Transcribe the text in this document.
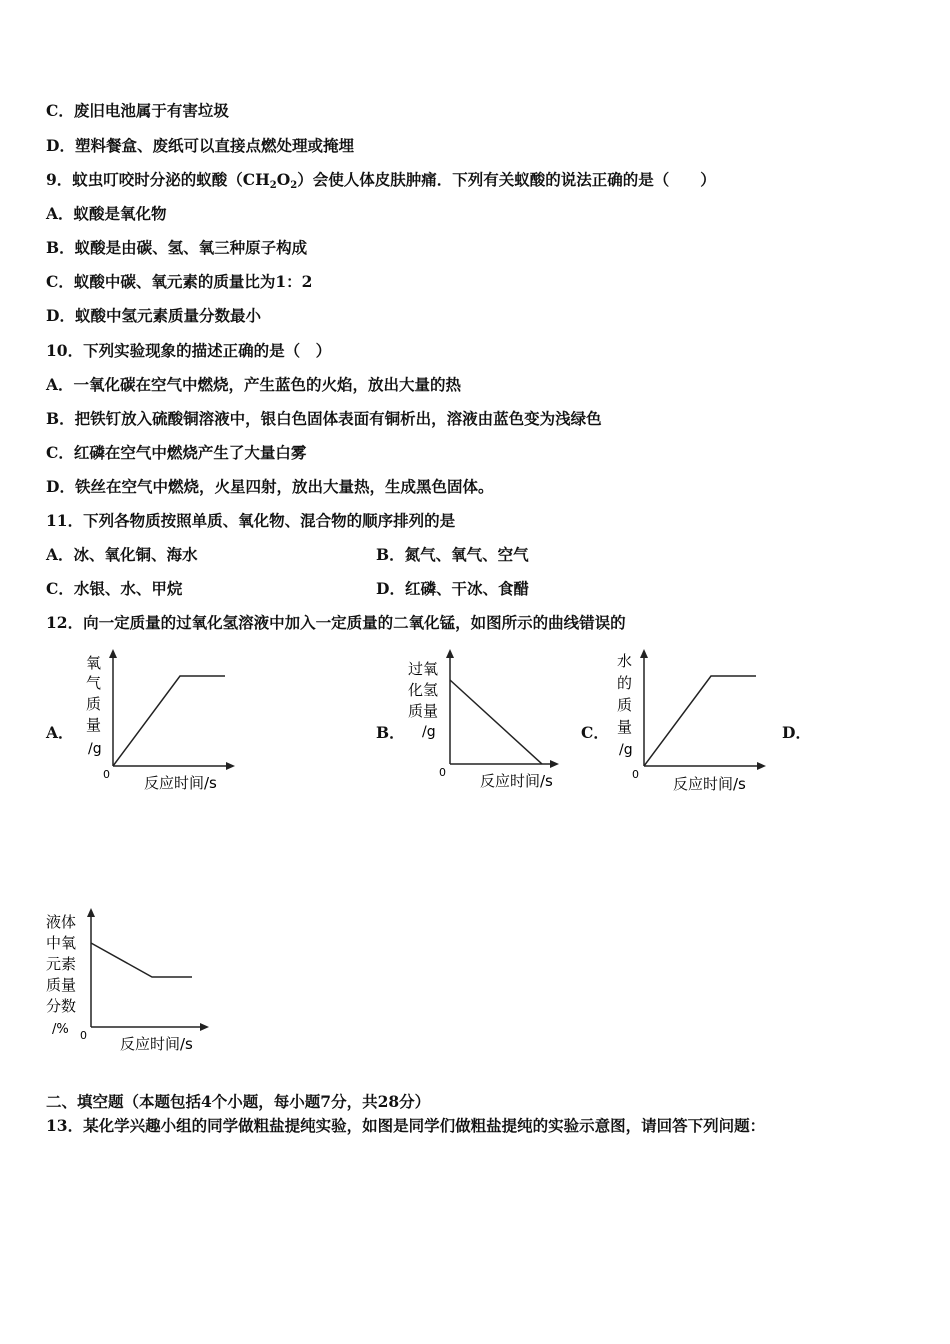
C．废旧电池属于有害垃圾
D．塑料餐盒、废纸可以直接点燃处理或掩埋
9．蚊虫叮咬时分泌的蚁酸$(CH_2O_2)$会使人体皮肤肿痛．下列有关蚁酸的说法正确的是（　　）
A．蚁酸是氧化物
B．蚁酸是由碳、氢、氧三种原子构成
C．蚁酸中碳、氧元素的质量比为1：2
D．蚁酸中氢元素质量分数最小
10．下列实验现象的描述正确的是（　）
A．一氧化碳在空气中燃烧，产生蓝色的火焰，放出大量的热
B．把铁钉放入硫酸铜溶液中，银白色固体表面有铜析出，溶液由蓝色变为浅绿色
C．红磷在空气中燃烧产生了大量白雾
D．铁丝在空气中燃烧，火星四射，放出大量热，生成黑色固体。
11．下列各物质按照单质、氧化物、混合物的顺序排列的是
A．冰、氧化铜、海水	B．氮气、氧气、空气
C．水银、水、甲烷	D．红磷、干冰、食醋
12．向一定质量的过氧化氢溶液中加入一定质量的二氧化锰，如图所示的曲线错误的
A．
氧
气
质
量
/g
0 反应时间/s
B．
过氧
化氢
质量
/g
0 反应时间/s
C．
水
的
质
量
/g
0
反应时间/s
D．
液体
中氧
元素
质量
分数
/% 0 反应时间/s
二、填空题（本题包括4个小题，每小题7分，共28分）
13．某化学兴趣小组的同学做粗盐提纯实验，如图是同学们做粗盐提纯的实验示意图，请回答下列问题：
